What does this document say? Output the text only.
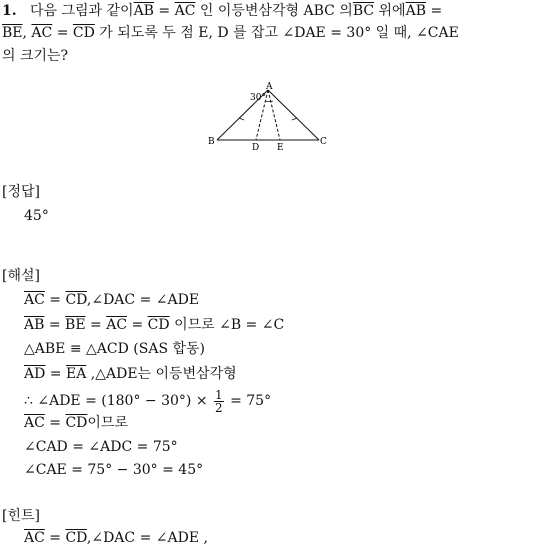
1. 다음 그림과 같이$\overline{AB} = \overline{AC}$ 인 이등변삼각형 ABC 의$\overline{BC}$ 위에$\overline{AB}$ =
$\overline{BE}$, $\overline{AC} = \overline{CD}$ 가 되도록 두 점 E, D 를 잡고 ∠DAE = 30° 일 때, ∠CAE
의 크기는?
A
B	C
D E
30°
[정답]
45°
[해설]
$\overline{AC}$ = $\overline{CD},\angle DAC$ = ∠ADE
$\overline{AB} = \overline{BE} = \overline{AC} = \overline{CD}$ 이므로 ∠B = ∠C
△ABE ≡ △ACD (SAS 합동)
$\overline{AD} = \overline{EA}$ ,△ADE는 이등변삼각형
∴ ∠ADE = $(180^\circ - 30^\circ) \times \frac{1}{2} = 75^\circ$
$\overline{AC} = \overline{CD}$이므로
∠CAD = ∠ADC = 75°
∠CAE = 75° − 30° = 45°
[힌트]
$\overline{AC}$ = $\overline{CD},\angle DAC$ = ∠ADE ,
